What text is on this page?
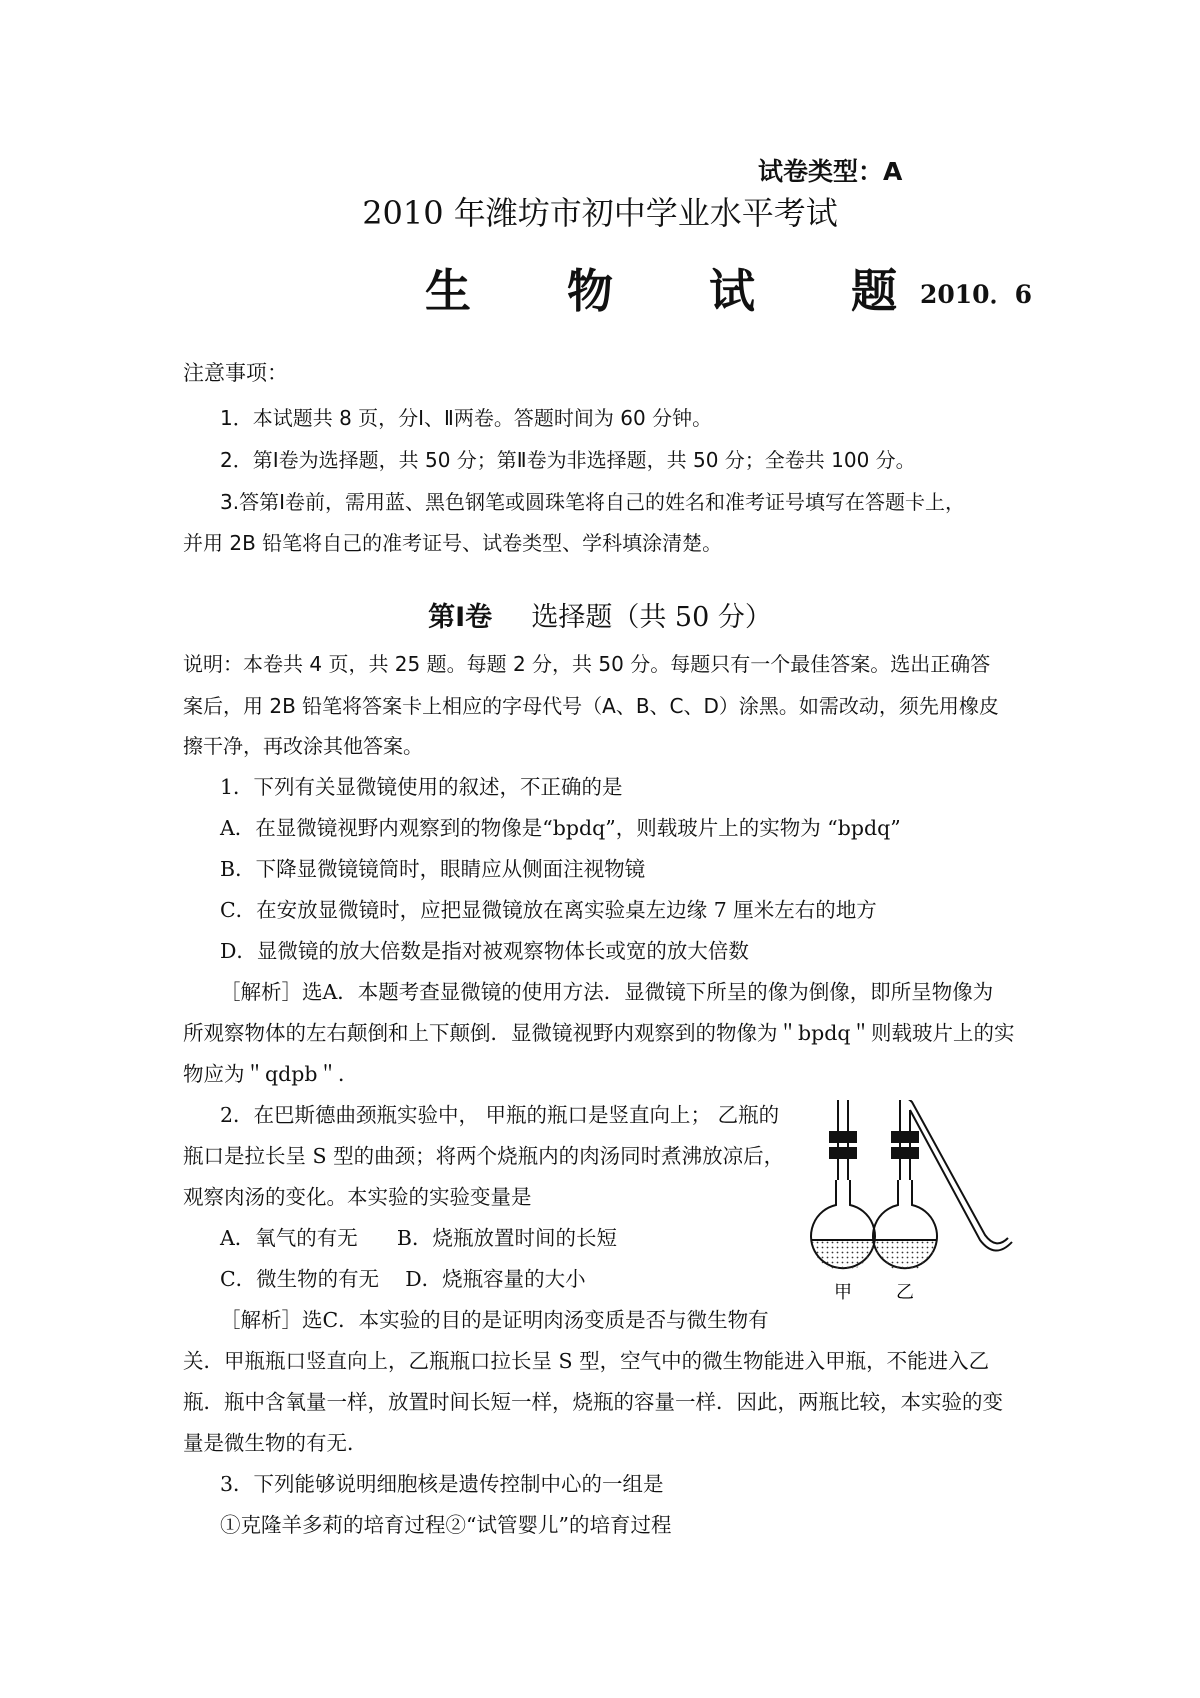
试卷类型：A
2010 年潍坊市初中学业水平考试
生 物 试 题
2010．6
注意事项：
1．本试题共 8 页，分Ⅰ、Ⅱ两卷。答题时间为 60 分钟。
2．第Ⅰ卷为选择题，共 50 分；第Ⅱ卷为非选择题，共 50 分；全卷共 100 分。
3.答第Ⅰ卷前，需用蓝、黑色钢笔或圆珠笔将自己的姓名和准考证号填写在答题卡上，
并用 2B 铅笔将自己的准考证号、试卷类型、学科填涂清楚。
第Ⅰ卷 选择题（共 50 分）
说明：本卷共 4 页，共 25 题。每题 2 分，共 50 分。每题只有一个最佳答案。选出正确答
案后，用 2B 铅笔将答案卡上相应的字母代号（A、B、C、D）涂黑。如需改动，须先用橡皮
擦干净，再改涂其他答案。
1．下列有关显微镜使用的叙述，不正确的是
A．在显微镜视野内观察到的物像是“bpdq”，则载玻片上的实物为 “bpdq”
B．下降显微镜镜筒时，眼睛应从侧面注视物镜
C．在安放显微镜时，应把显微镜放在离实验桌左边缘 7 厘米左右的地方
D．显微镜的放大倍数是指对被观察物体长或宽的放大倍数
［解析］选A．本题考查显微镜的使用方法．显微镜下所呈的像为倒像，即所呈物像为
所观察物体的左右颠倒和上下颠倒．显微镜视野内观察到的物像为＂bpdq＂则载玻片上的实
物应为＂qdpb＂．
2．在巴斯德曲颈瓶实验中， 甲瓶的瓶口是竖直向上； 乙瓶的
瓶口是拉长呈 S 型的曲颈；将两个烧瓶内的肉汤同时煮沸放凉后，
观察肉汤的变化。本实验的实验变量是
A．氧气的有无      B．烧瓶放置时间的长短
C．微生物的有无    D．烧瓶容量的大小
［解析］选C．本实验的目的是证明肉汤变质是否与微生物有
关．甲瓶瓶口竖直向上，乙瓶瓶口拉长呈 S 型，空气中的微生物能进入甲瓶，不能进入乙
瓶．瓶中含氧量一样，放置时间长短一样，烧瓶的容量一样．因此，两瓶比较，本实验的变
量是微生物的有无．
甲 乙
3．下列能够说明细胞核是遗传控制中心的一组是
①克隆羊多莉的培育过程②“试管婴儿”的培育过程
